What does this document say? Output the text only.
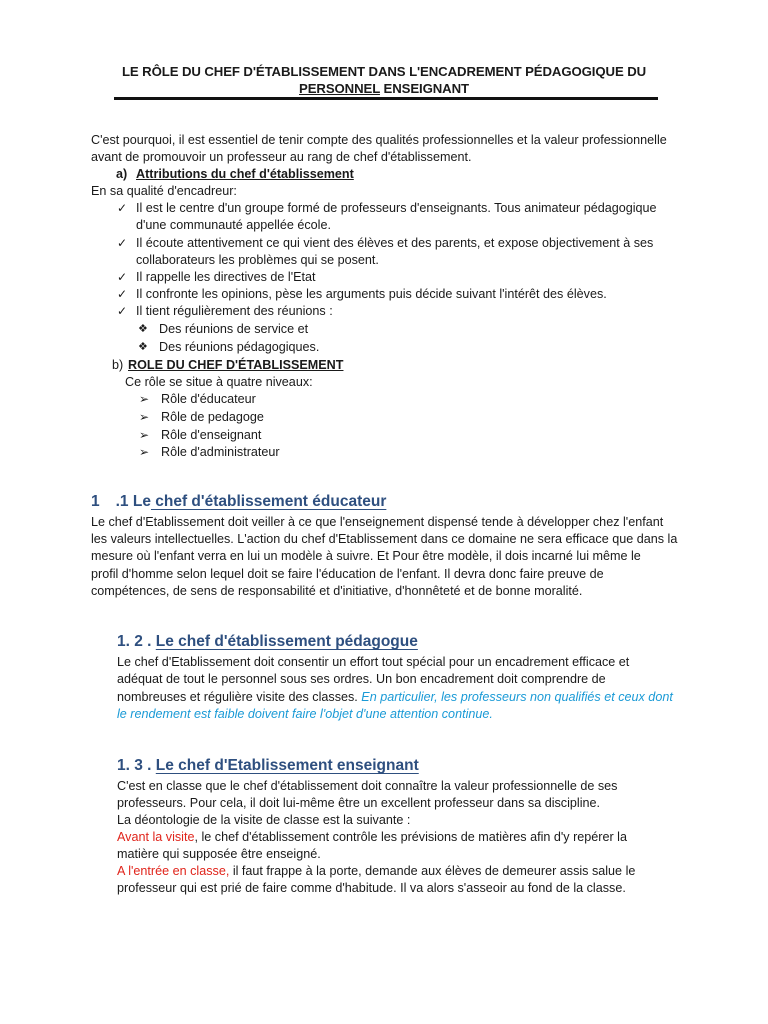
LE RÔLE DU CHEF D'ÉTABLISSEMENT DANS L'ENCADREMENT PÉDAGOGIQUE DU
PERSONNEL ENSEIGNANT
C'est pourquoi, il est essentiel de tenir compte des qualités professionnelles et la valeur professionnelle
avant de promouvoir un professeur au rang de chef d'établissement.
a) Attributions du chef d'établissement
En sa qualité d'encadreur:
✓ Il est le centre d'un groupe formé de professeurs d'enseignants. Tous animateur pédagogique
d'une communauté appellée école.
✓ Il écoute attentivement ce qui vient des élèves et des parents, et expose objectivement à ses
collaborateurs les problèmes qui se posent.
✓ Il rappelle les directives de l'Etat
✓ Il confronte les opinions, pèse les arguments puis décide suivant l'intérêt des élèves.
✓ Il tient régulièrement des réunions :
❖ Des réunions de service et
❖ Des réunions pédagogiques.
b) ROLE DU CHEF D'ÉTABLISSEMENT
Ce rôle se situe à quatre niveaux:
➢ Rôle d'éducateur
➢ Rôle de pedagoge
➢ Rôle d'enseignant
➢ Rôle d'administrateur
1 .1 Le chef d'établissement éducateur
Le chef d'Etablissement doit veiller à ce que l'enseignement dispensé tende à développer chez l'enfant
les valeurs intellectuelles. L'action du chef d'Etablissement dans ce domaine ne sera efficace que dans la
mesure où l'enfant verra en lui un modèle à suivre. Et Pour être modèle, il dois incarné lui même le
profil d'homme selon lequel doit se faire l'éducation de l'enfant. Il devra donc faire preuve de
compétences, de sens de responsabilité et d'initiative, d'honnêteté et de bonne moralité.
1. 2 . Le chef d'établissement pédagogue
Le chef d'Etablissement doit consentir un effort tout spécial pour un encadrement efficace et
adéquat de tout le personnel sous ses ordres. Un bon encadrement doit comprendre de
nombreuses et régulière visite des classes. En particulier, les professeurs non qualifiés et ceux dont
le rendement est faible doivent faire l'objet d'une attention continue.
1. 3 . Le chef d'Etablissement enseignant
C'est en classe que le chef d'établissement doit connaître la valeur professionnelle de ses
professeurs. Pour cela, il doit lui-même être un excellent professeur dans sa discipline.
La déontologie de la visite de classe est la suivante :
Avant la visite, le chef d'établissement contrôle les prévisions de matières afin d'y repérer la
matière qui supposée être enseigné.
A l'entrée en classe, il faut frappe à la porte, demande aux élèves de demeurer assis salue le
professeur qui est prié de faire comme d'habitude. Il va alors s'asseoir au fond de la classe.
